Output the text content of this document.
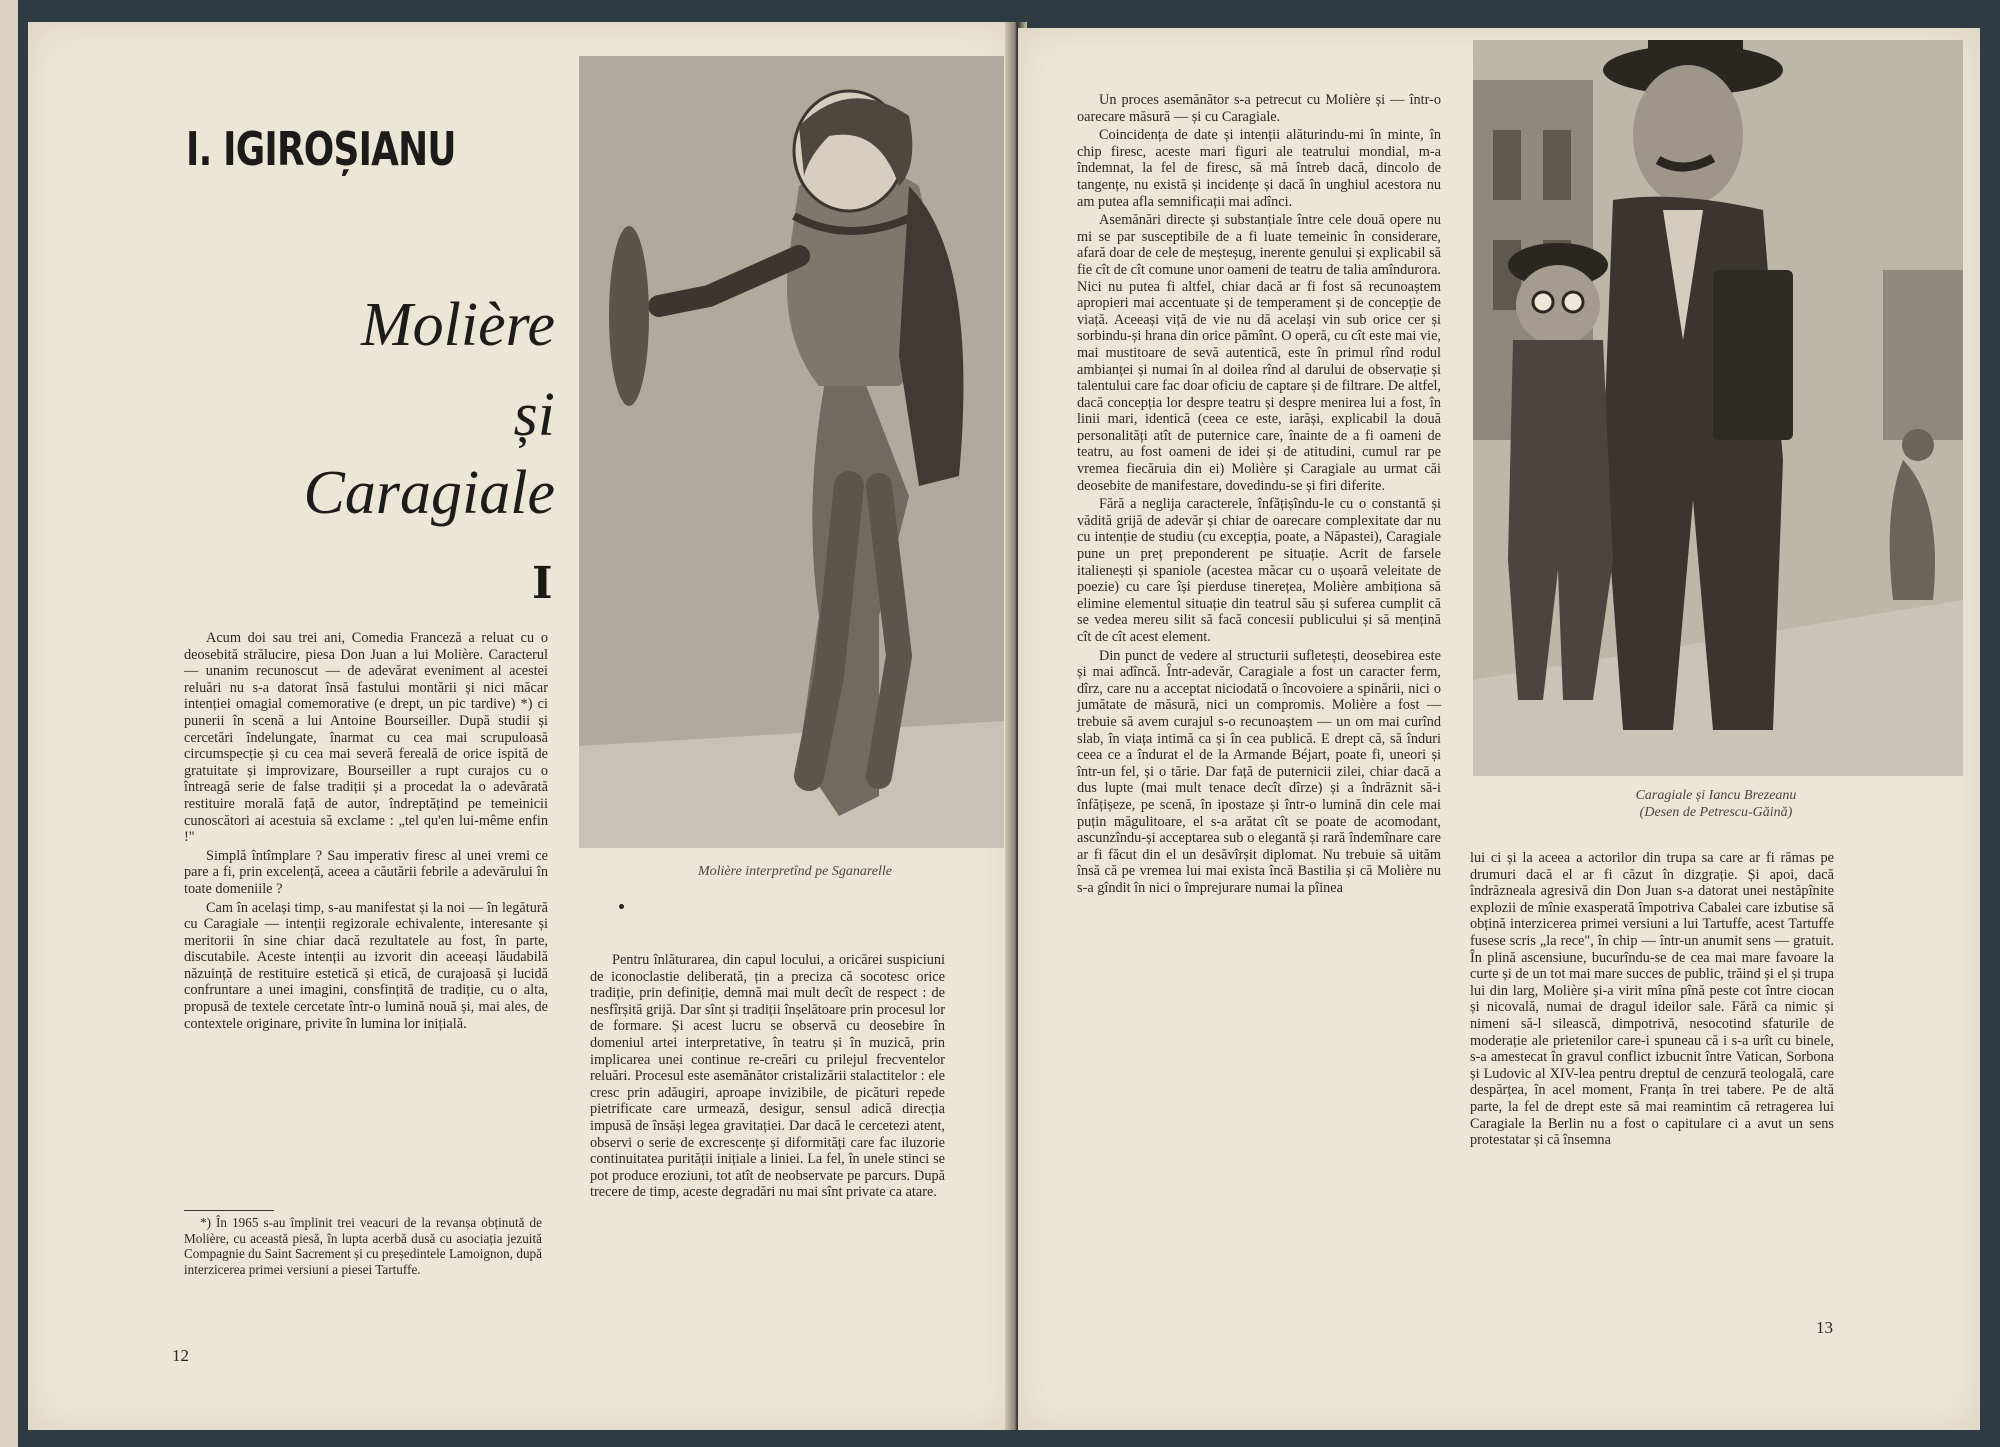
I. IGIROȘIANU
Molière
și
Caragiale
I

Acum doi sau trei ani, Comedia Franceză a reluat cu o deosebită strălucire, piesa Don Juan a lui Molière. Caracterul — unanim recunoscut — de adevărat eveniment al acestei reluări nu s-a datorat însă fastului montării și nici măcar intenției omagial comemorative (e drept, un pic tardive) *) ci punerii în scenă a lui Antoine Bourseiller. După studii și cercetări îndelungate, înarmat cu cea mai scrupuloasă circumspecție și cu cea mai severă fereală de orice ispită de gratuitate și improvizare, Bourseiller a rupt curajos cu o întreagă serie de false tradiții și a procedat la o adevărată restituire morală față de autor, îndreptățind pe temeinicii cunoscători ai acestuia să exclame : „tel qu'en lui-même enfin !"

Simplă întîmplare ? Sau imperativ firesc al unei vremi ce pare a fi, prin excelență, aceea a căutării febrile a adevărului în toate domeniile ?

Cam în același timp, s-au manifestat și la noi — în legătură cu Caragiale — intenții regizorale echivalente, interesante și meritorii în sine chiar dacă rezultatele au fost, în parte, discutabile. Aceste intenții au izvorit din aceeași lăudabilă năzuință de restituire estetică și etică, de curajoasă și lucidă confruntare a unei imagini, consfințită de tradiție, cu o alta, propusă de textele cercetate într-o lumină nouă și, mai ales, de contextele originare, privite în lumina lor inițială.

*) În 1965 s-au împlinit trei veacuri de la revanșa obținută de Molière, cu această piesă, în lupta acerbă dusă cu asociația jezuită Compagnie du Saint Sacrement și cu președintele Lamoignon, după interzicerea primei versiuni a piesei Tartuffe.

12

Molière interpretînd pe Sganarelle

Pentru înlăturarea, din capul locului, a oricărei suspiciuni de iconoclastie deliberată, țin a preciza că socotesc orice tradiție, prin definiție, demnă mai mult decît de respect : de nesfîrșită grijă. Dar sînt și tradiții înșelătoare prin procesul lor de formare. Și acest lucru se observă cu deosebire în domeniul artei interpretative, în teatru și în muzică, prin implicarea unei continue re-creări cu prilejul frecventelor reluări. Procesul este asemănător cristalizării stalactitelor : ele cresc prin adăugiri, aproape invizibile, de picături repede pietrificate care urmează, desigur, sensul adică direcția impusă de însăși legea gravitației. Dar dacă le cercetezi atent, observi o serie de excrescențe și diformități care fac iluzorie continuitatea purității inițiale a liniei. La fel, în unele stinci se pot produce eroziuni, tot atît de neobservate pe parcurs. După trecere de timp, aceste degradări nu mai sînt private ca atare.

Un proces asemănător s-a petrecut cu Molière și — într-o oarecare măsură — și cu Caragiale.

Coincidența de date și intenții alăturindu-mi în minte, în chip firesc, aceste mari figuri ale teatrului mondial, m-a îndemnat, la fel de firesc, să mă întreb dacă, dincolo de tangențe, nu există și incidențe și dacă în unghiul acestora nu am putea afla semnificații mai adînci.

Asemănări directe și substanțiale între cele două opere nu mi se par susceptibile de a fi luate temeinic în considerare, afară doar de cele de meșteșug, inerente genului și explicabil să fie cît de cît comune unor oameni de teatru de talia amîndurora. Nici nu putea fi altfel, chiar dacă ar fi fost să recunoaștem apropieri mai accentuate și de temperament și de concepție de viață. Aceeași viță de vie nu dă același vin sub orice cer și sorbindu-și hrana din orice pămînt. O operă, cu cît este mai vie, mai mustitoare de sevă autentică, este în primul rînd rodul ambianței și numai în al doilea rînd al darului de observație și talentului care fac doar oficiu de captare și de filtrare. De altfel, dacă concepția lor despre teatru și despre menirea lui a fost, în linii mari, identică (ceea ce este, iarăși, explicabil la două personalități atît de puternice care, înainte de a fi oameni de teatru, au fost oameni de idei și de atitudini, cumul rar pe vremea fiecăruia din ei) Molière și Caragiale au urmat căi deosebite de manifestare, dovedindu-se și firi diferite.

Fără a neglija caracterele, înfățișîndu-le cu o constantă și vădită grijă de adevăr și chiar de oarecare complexitate dar nu cu intenție de studiu (cu excepția, poate, a Năpastei), Caragiale pune un preț preponderent pe situație. Acrit de farsele italienești și spaniole (acestea măcar cu o ușoară veleitate de poezie) cu care își pierduse tinerețea, Molière ambiționa să elimine elementul situație din teatrul său și suferea cumplit că se vedea mereu silit să facă concesii publicului și să mențină cît de cît acest element.

Din punct de vedere al structurii sufletești, deosebirea este și mai adîncă. Într-adevăr, Caragiale a fost un caracter ferm, dîrz, care nu a acceptat niciodată o încovoiere a spinării, nici o jumătate de măsură, nici un compromis. Molière a fost — trebuie să avem curajul s-o recunoaștem — un om mai curînd slab, în viața intimă ca și în cea publică. E drept că, să înduri ceea ce a îndurat el de la Armande Béjart, poate fi, uneori și într-un fel, și o tărie. Dar față de puternicii zilei, chiar dacă a dus lupte (mai mult tenace decît dîrze) și a îndrăznit să-i înfățișeze, pe scenă, în ipostaze și într-o lumină din cele mai puțin măgulitoare, el s-a arătat cît se poate de acomodant, ascunzîndu-și acceptarea sub o elegantă și rară îndemînare care ar fi făcut din el un desăvîrșit diplomat. Nu trebuie să uităm însă că pe vremea lui mai exista încă Bastilia și că Molière nu s-a gîndit în nici o împrejurare numai la pîinea

Caragiale și Iancu Brezeanu

(Desen de Petrescu-Găină)

lui ci și la aceea a actorilor din trupa sa care ar fi rămas pe drumuri dacă el ar fi căzut în dizgrație. Și apoi, dacă îndrăzneala agresivă din Don Juan s-a datorat unei nestăpînite explozii de mînie exasperată împotriva Cabalei care izbutise să obțină interzicerea primei versiuni a lui Tartuffe, acest Tartuffe fusese scris „la rece", în chip — într-un anumit sens — gratuit. În plină ascensiune, bucurîndu-se de cea mai mare favoare la curte și de un tot mai mare succes de public, trăind și el și trupa lui din larg, Molière și-a virit mîna pînă peste cot între ciocan și nicovală, numai de dragul ideilor sale. Fără ca nimic și nimeni să-l silească, dimpotrivă, nesocotind sfaturile de moderație ale prietenilor care-i spuneau că i s-a urît cu binele, s-a amestecat în gravul conflict izbucnit între Vatican, Sorbona și Ludovic al XIV-lea pentru dreptul de cenzură teologală, care despărțea, în acel moment, Franța în trei tabere. Pe de altă parte, la fel de drept este să mai reamintim că retragerea lui Caragiale la Berlin nu a fost o capitulare ci a avut un sens protestatar și că însemna

13
